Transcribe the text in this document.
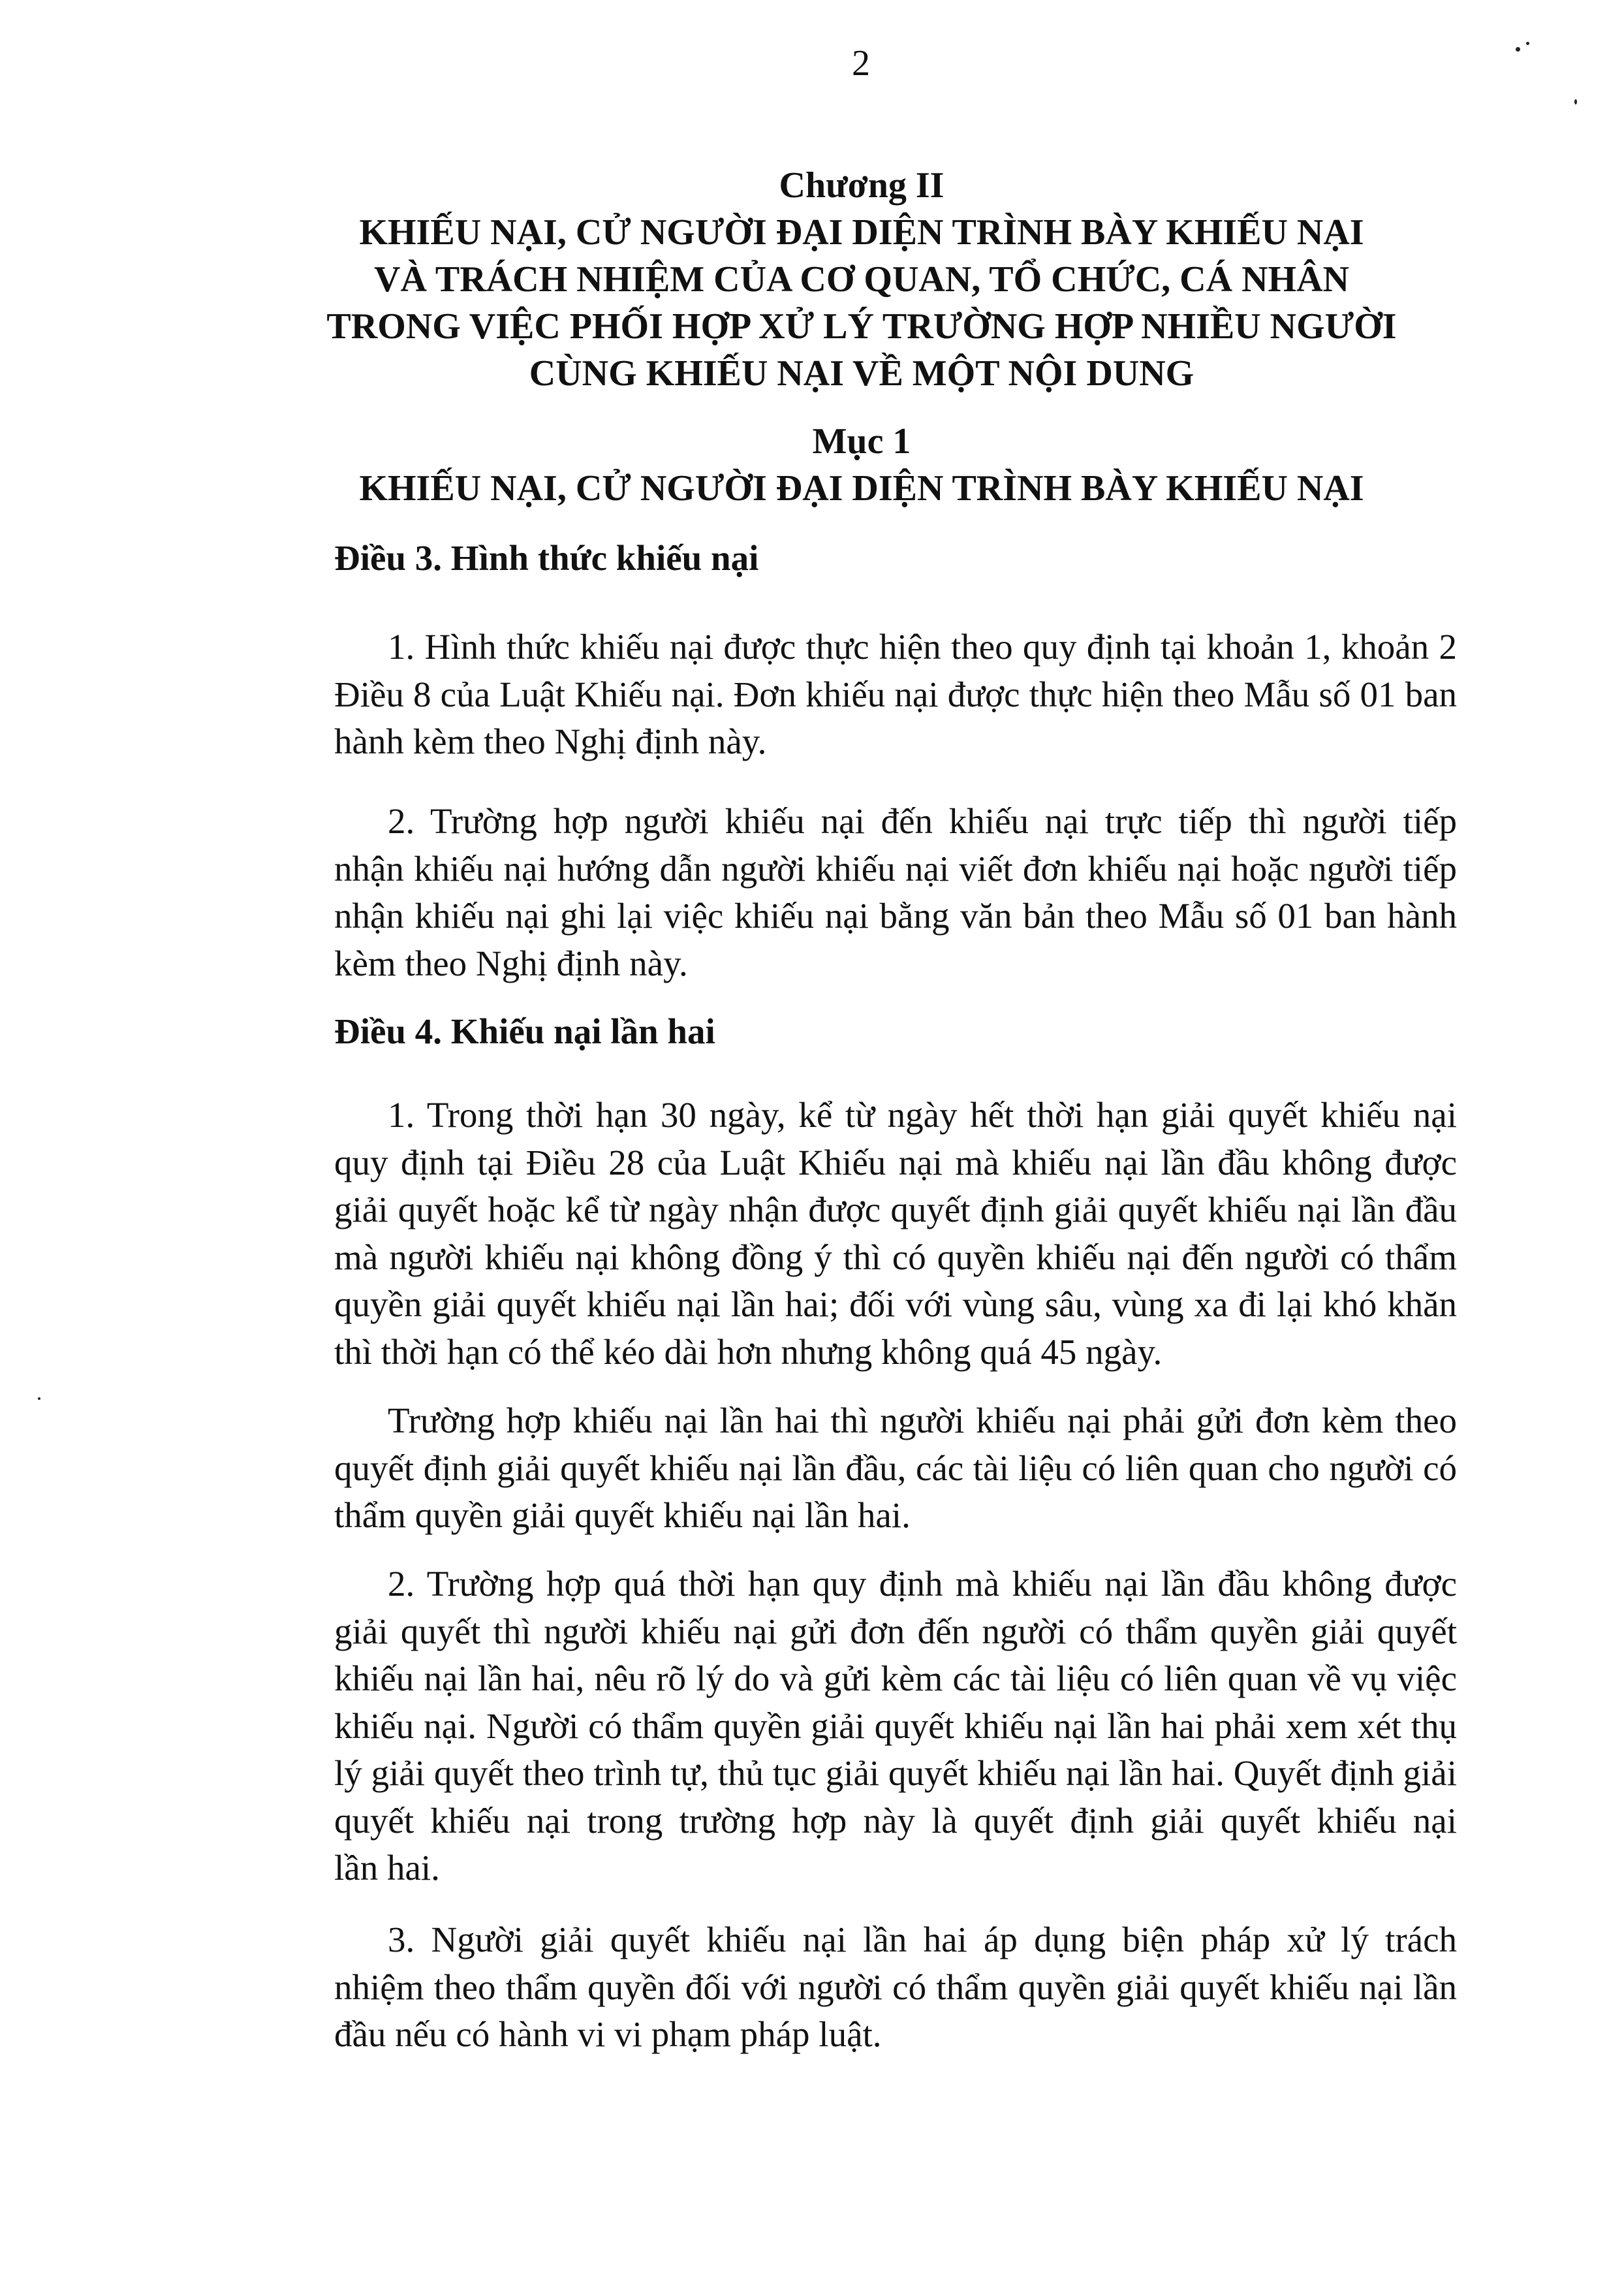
2
Chương II
KHIẾU NẠI, CỬ NGƯỜI ĐẠI DIỆN TRÌNH BÀY KHIẾU NẠI
VÀ TRÁCH NHIỆM CỦA CƠ QUAN, TỔ CHỨC, CÁ NHÂN
TRONG VIỆC PHỐI HỢP XỬ LÝ TRƯỜNG HỢP NHIỀU NGƯỜI
CÙNG KHIẾU NẠI VỀ MỘT NỘI DUNG
Mục 1
KHIẾU NẠI, CỬ NGƯỜI ĐẠI DIỆN TRÌNH BÀY KHIẾU NẠI
Điều 3. Hình thức khiếu nại
1. Hình thức khiếu nại được thực hiện theo quy định tại khoản 1, khoản 2
Điều 8 của Luật Khiếu nại. Đơn khiếu nại được thực hiện theo Mẫu số 01 ban
hành kèm theo Nghị định này.
2. Trường hợp người khiếu nại đến khiếu nại trực tiếp thì người tiếp
nhận khiếu nại hướng dẫn người khiếu nại viết đơn khiếu nại hoặc người tiếp
nhận khiếu nại ghi lại việc khiếu nại bằng văn bản theo Mẫu số 01 ban hành
kèm theo Nghị định này.
Điều 4. Khiếu nại lần hai
1. Trong thời hạn 30 ngày, kể từ ngày hết thời hạn giải quyết khiếu nại
quy định tại Điều 28 của Luật Khiếu nại mà khiếu nại lần đầu không được
giải quyết hoặc kể từ ngày nhận được quyết định giải quyết khiếu nại lần đầu
mà người khiếu nại không đồng ý thì có quyền khiếu nại đến người có thẩm
quyền giải quyết khiếu nại lần hai; đối với vùng sâu, vùng xa đi lại khó khăn
thì thời hạn có thể kéo dài hơn nhưng không quá 45 ngày.
Trường hợp khiếu nại lần hai thì người khiếu nại phải gửi đơn kèm theo
quyết định giải quyết khiếu nại lần đầu, các tài liệu có liên quan cho người có
thẩm quyền giải quyết khiếu nại lần hai.
2. Trường hợp quá thời hạn quy định mà khiếu nại lần đầu không được
giải quyết thì người khiếu nại gửi đơn đến người có thẩm quyền giải quyết
khiếu nại lần hai, nêu rõ lý do và gửi kèm các tài liệu có liên quan về vụ việc
khiếu nại. Người có thẩm quyền giải quyết khiếu nại lần hai phải xem xét thụ
lý giải quyết theo trình tự, thủ tục giải quyết khiếu nại lần hai. Quyết định giải
quyết khiếu nại trong trường hợp này là quyết định giải quyết khiếu nại
lần hai.
3. Người giải quyết khiếu nại lần hai áp dụng biện pháp xử lý trách
nhiệm theo thẩm quyền đối với người có thẩm quyền giải quyết khiếu nại lần
đầu nếu có hành vi vi phạm pháp luật.
